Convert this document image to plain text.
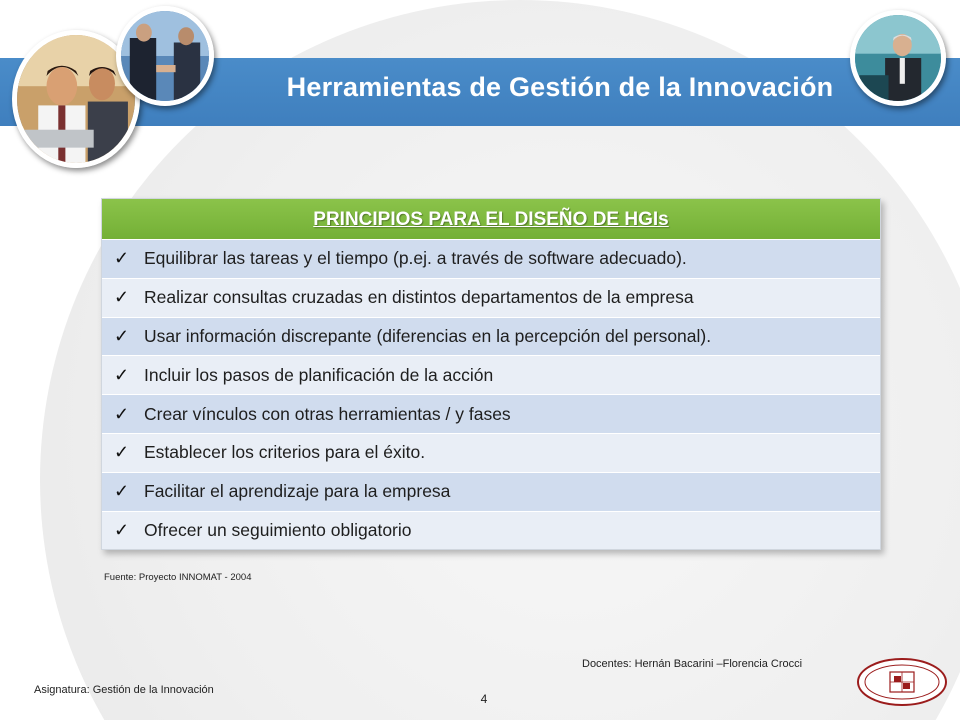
Herramientas de Gestión de la Innovación
PRINCIPIOS PARA EL DISEÑO DE HGIs
✓ Equilibrar las tareas y el tiempo (p.ej. a través de software adecuado).
✓ Realizar consultas cruzadas en distintos departamentos de la empresa
✓ Usar información discrepante (diferencias en la percepción del personal).
✓ Incluir los pasos de planificación de la acción
✓ Crear vínculos con otras herramientas / y fases
✓ Establecer los criterios para el éxito.
✓ Facilitar el aprendizaje para la empresa
✓ Ofrecer un seguimiento obligatorio
Fuente: Proyecto INNOMAT - 2004
Asignatura: Gestión de la Innovación
Docentes: Hernán Bacarini –Florencia Crocci
4
